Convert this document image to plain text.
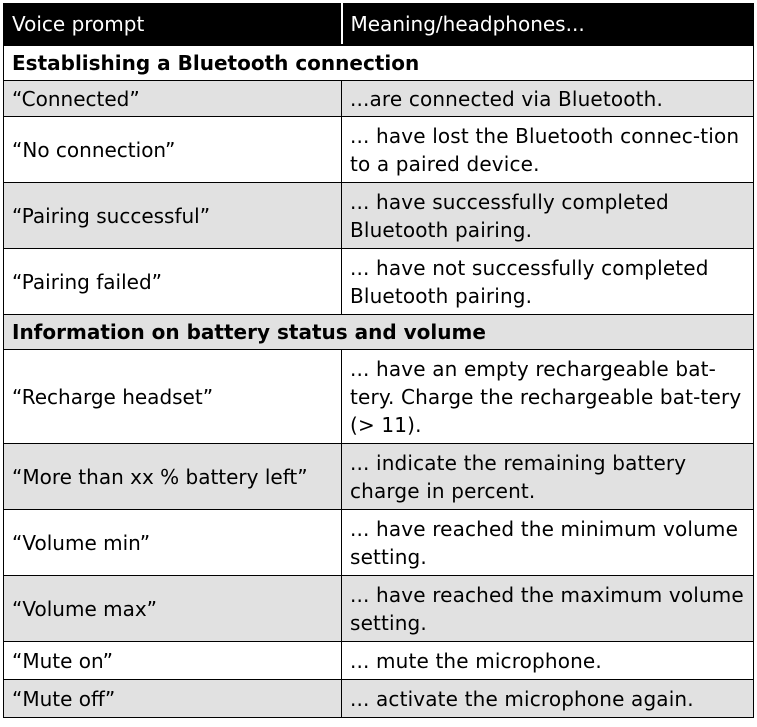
Voice prompt	Meaning/headphones...
Establishing a Bluetooth connection	
“Connected”	...are connected via Bluetooth.
“No connection”	... have lost the Bluetooth connec-tion to a paired device.
“Pairing successful”	... have successfully completed Bluetooth pairing.
“Pairing failed”	... have not successfully completed Bluetooth pairing.
Information on battery status and volume	
“Recharge headset”	... have an empty rechargeable bat-tery. Charge the rechargeable bat-tery (> 11).
“More than xx % battery left”	... indicate the remaining battery charge in percent.
“Volume min”	... have reached the minimum volume setting.
“Volume max”	... have reached the maximum volume setting.
“Mute on”	... mute the microphone.
“Mute off”	... activate the microphone again.
